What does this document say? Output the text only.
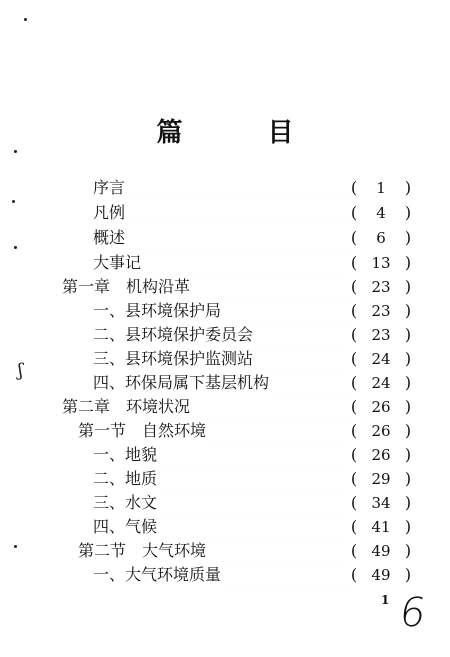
篇 目
序言	(	1	)
凡例	(	4	)
概述	(	6	)
大事记	( 13 )
第一章　机构沿革	( 23 )
一、县环境保护局	( 23 )
二、县环境保护委员会	( 23 )
三、县环境保护监测站	( 24 )
四、环保局属下基层机构	( 24 )
第二章　环境状况	( 26 )
第一节　自然环境	( 26 )
一、地貌	( 26 )
二、地质	( 29 )
三、水文	( 34 )
四、气候	( 41 )
第二节　大气环境	( 49 )
一、大气环境质量	( 49 )
1 6
ʃ
